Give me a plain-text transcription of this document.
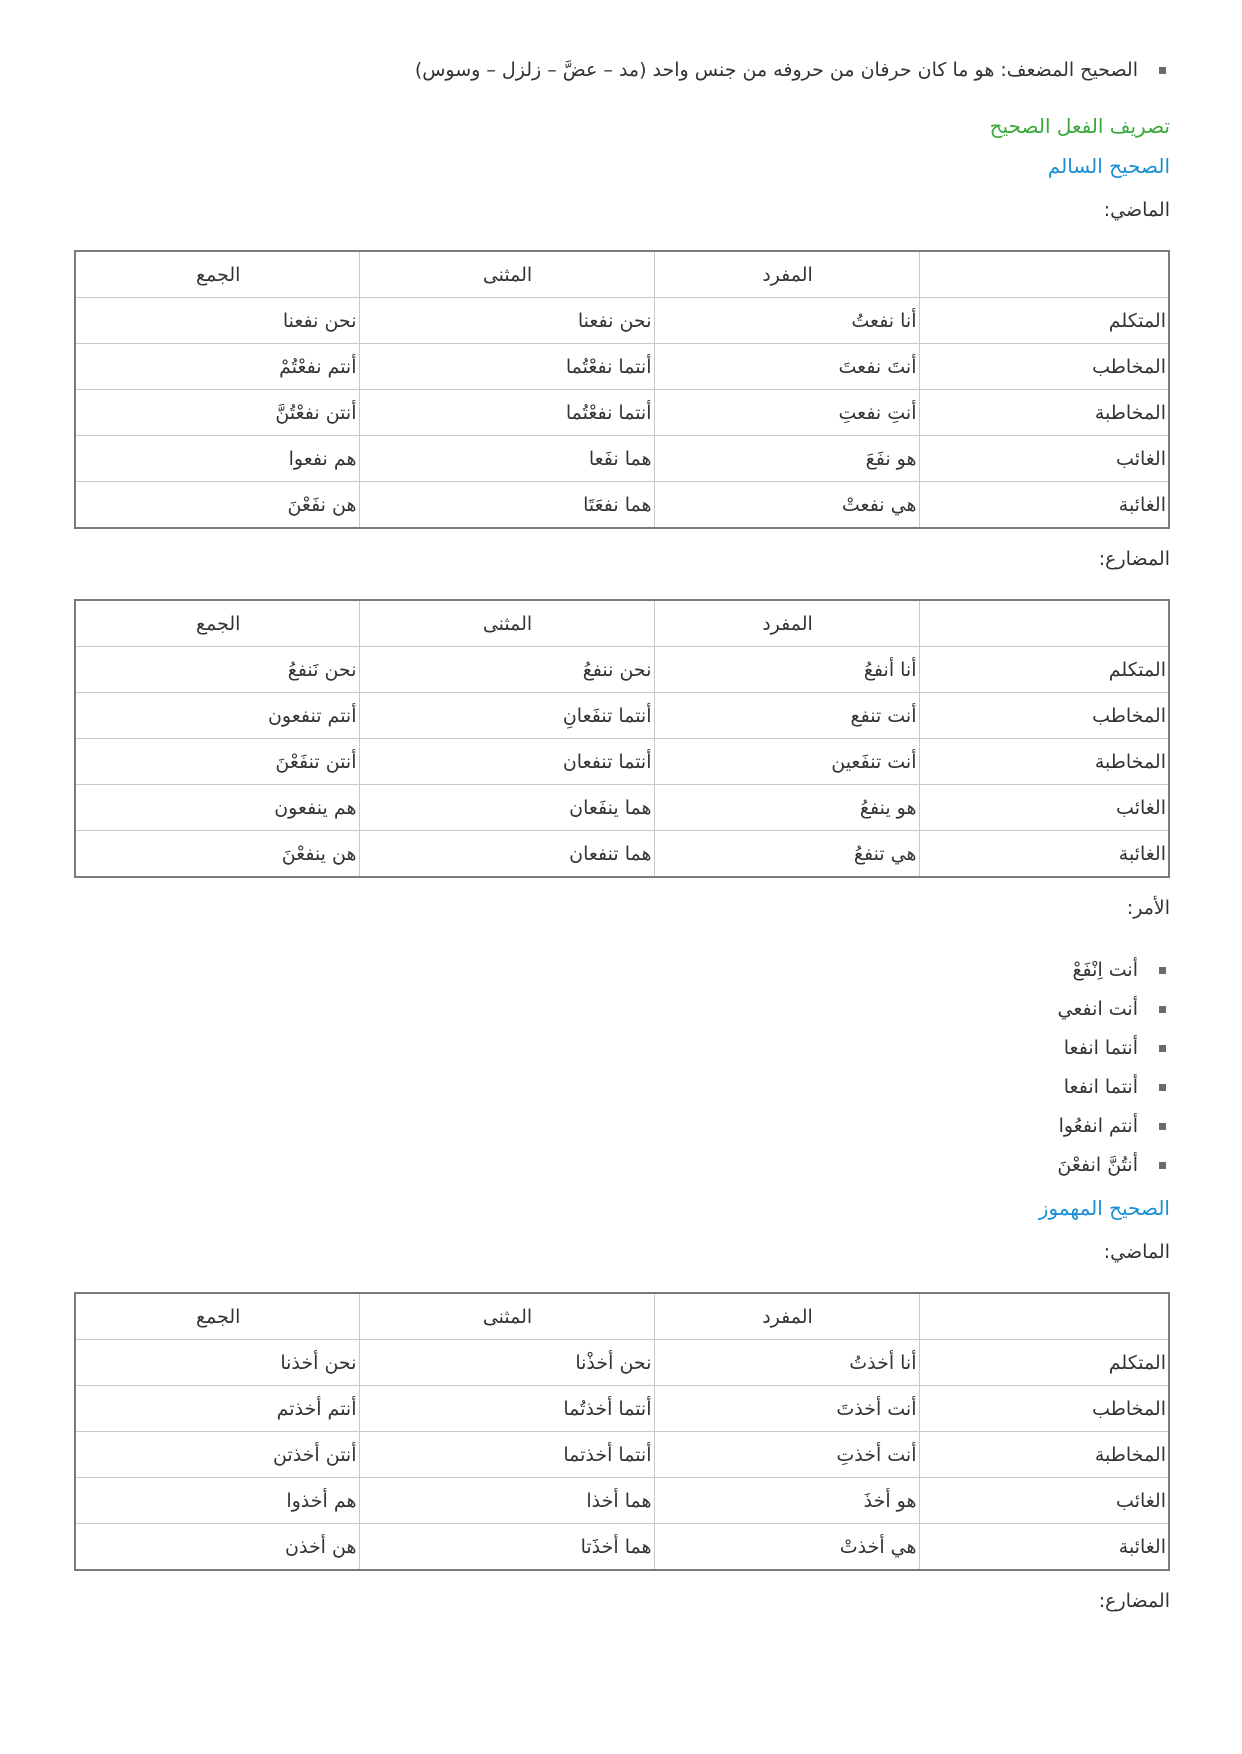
الصحيح المضعف: هو ما كان حرفان من حروفه من جنس واحد (مد – عضَّ – زلزل – وسوس)
تصريف الفعل الصحيح
الصحيح السالم
الماضي:
	المفرد	المثنى	الجمع
المتكلم	أنا نفعتُ	نحن نفعنا	نحن نفعنا
المخاطب	أنتَ نفعتَ	أنتما نفعْتُما	أنتم نفعْتُمْ
المخاطبة	أنتِ نفعتِ	أنتما نفعْتُما	أنتن نفعْتُنَّ
الغائب	هو نفَعَ	هما نفَعا	هم نفعوا
الغائبة	هي نفعتْ	هما نفعَتَا	هن نفَعْنَ
المضارع:
	المفرد	المثنى	الجمع
المتكلم	أنا أنفعُ	نحن ننفعُ	نحن نَنفعُ
المخاطب	أنت تنفع	أنتما تنفَعانِ	أنتم تنفعون
المخاطبة	أنت تنفَعين	أنتما تنفعان	أنتن تنفَعْنَ
الغائب	هو ينفعُ	هما ينفَعان	هم ينفعون
الغائبة	هي تنفعُ	هما تنفعان	هن ينفعْنَ
الأمر:
أنت اِنْفَعْ
أنت انفعي
أنتما انفعا
أنتما انفعا
أنتم انفعُوا
أنتُنَّ انفعْنَ
الصحيح المهموز
الماضي:
	المفرد	المثنى	الجمع
المتكلم	أنا أخذتُ	نحن أخذْنا	نحن أخذنا
المخاطب	أنت أخذتَ	أنتما أخذتُما	أنتم أخذتم
المخاطبة	أنت أخذتِ	أنتما أخذتما	أنتن أخذتن
الغائب	هو أخذَ	هما أخذا	هم أخذوا
الغائبة	هي أخذتْ	هما أخذَتا	هن أخذن
المضارع:
